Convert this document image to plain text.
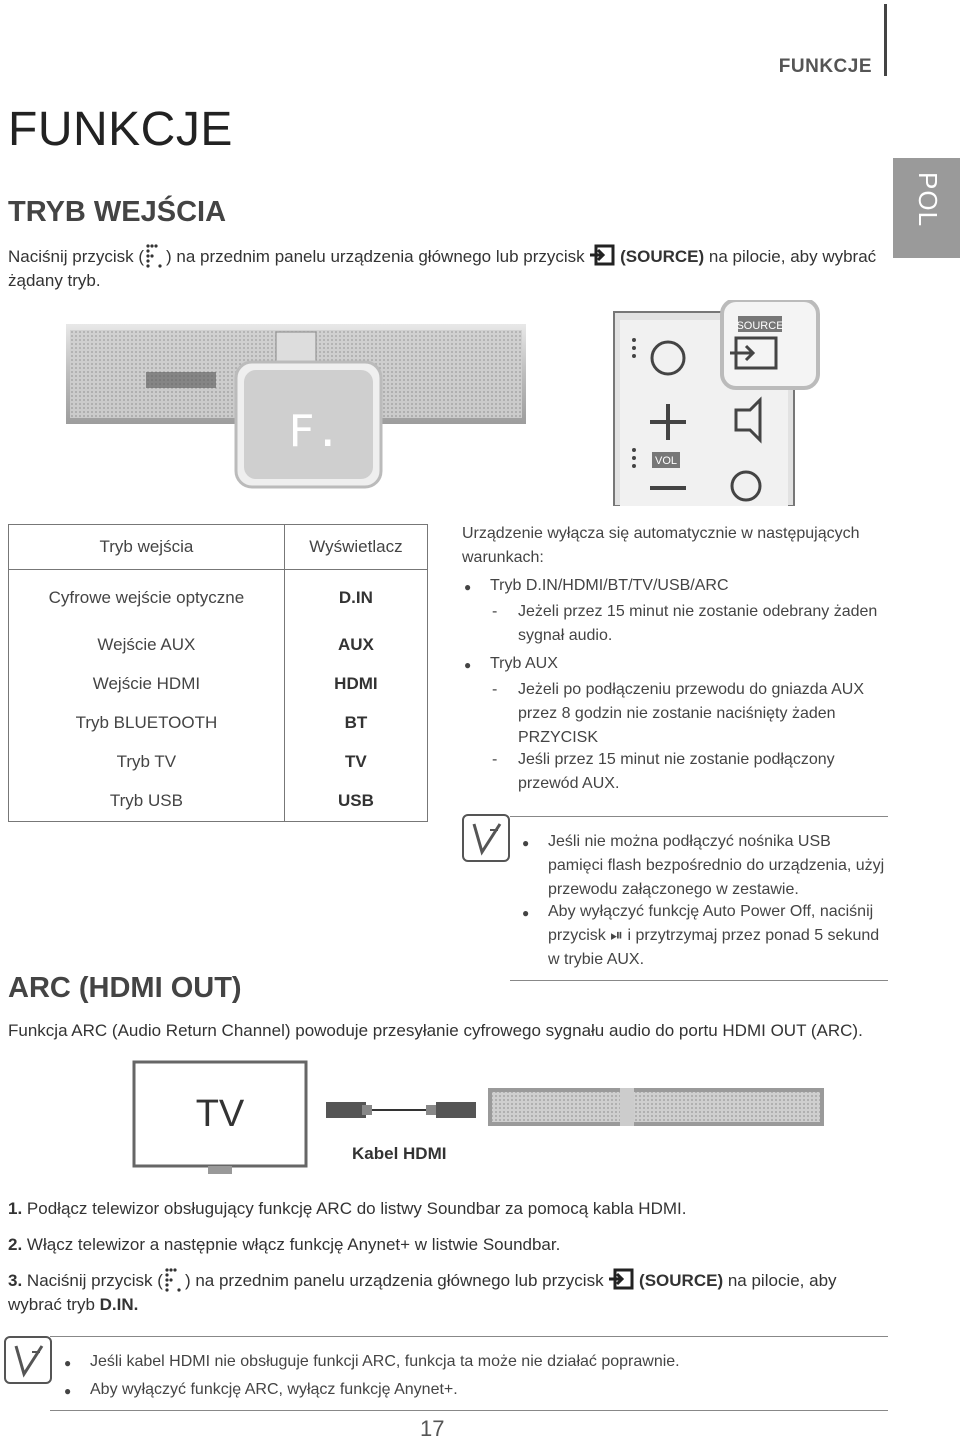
FUNKCJE
POL
FUNKCJE
TRYB WEJŚCIA
Naciśnij przycisk ( ) na przednim panelu urządzenia głównego lub przycisk (SOURCE) na pilocie, aby wybrać
żądany tryb.
F.
SOURCE
VOL
Tryb wejścia	Wyświetlacz
Cyfrowe wejście optyczne	D.IN
Wejście AUX	AUX
Wejście HDMI	HDMI
Tryb BLUETOOTH	BT
Tryb TV	TV
Tryb USB	USB
Urządzenie wyłącza się automatycznie w następujących warunkach:
● Tryb D.IN/HDMI/BT/TV/USB/ARC
- Jeżeli przez 15 minut nie zostanie odebrany żaden sygnał audio.
● Tryb AUX
- Jeżeli po podłączeniu przewodu do gniazda AUX przez 8 godzin nie zostanie naciśnięty żaden PRZYCISK
- Jeśli przez 15 minut nie zostanie podłączony przewód AUX.
● Jeśli nie można podłączyć nośnika USB pamięci flash bezpośrednio do urządzenia, użyj przewodu załączonego w zestawie.
● Aby wyłączyć funkcję Auto Power Off, naciśnij przycisk ⏯ i przytrzymaj przez ponad 5 sekund w trybie AUX.
ARC (HDMI OUT)
Funkcja ARC (Audio Return Channel) powoduje przesyłanie cyfrowego sygnału audio do portu HDMI OUT (ARC).
TV
Kabel HDMI
1. Podłącz telewizor obsługujący funkcję ARC do listwy Soundbar za pomocą kabla HDMI.
2. Włącz telewizor a następnie włącz funkcję Anynet+ w listwie Soundbar.
3. Naciśnij przycisk ( ) na przednim panelu urządzenia głównego lub przycisk (SOURCE) na pilocie, aby
wybrać tryb D.IN.
● Jeśli kabel HDMI nie obsługuje funkcji ARC, funkcja ta może nie działać poprawnie.
● Aby wyłączyć funkcję ARC, wyłącz funkcję Anynet+.
17
